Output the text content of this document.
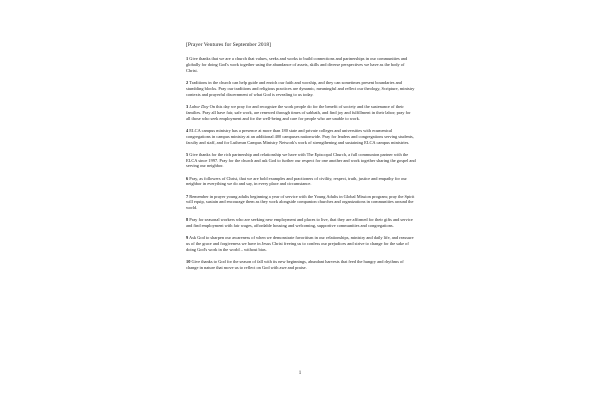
[Prayer Ventures for September 2018]

1 Give thanks that we are a church that values, seeks and works to build connections and partnerships in our communities and globally for doing God's work together using the abundance of assets, skills and diverse perspectives we have as the body of Christ.
2 Traditions in the church can help guide and enrich our faith and worship, and they can sometimes present boundaries and stumbling blocks. Pray our traditions and religious practices are dynamic, meaningful and reflect our theology, Scripture, ministry contexts and prayerful discernment of what God is revealing to us today.
3 Labor Day On this day we pray for and recognize the work people do for the benefit of society and the sustenance of their families. Pray all have fair, safe work, are renewed through times of sabbath, and find joy and fulfillment in their labor; pray for all those who seek employment and for the well-being and care for people who are unable to work.
4 ELCA campus ministry has a presence at more than 180 state and private colleges and universities with ecumenical congregations in campus ministry at an additional 400 campuses nationwide. Pray for leaders and congregations serving students, faculty and staff, and for Lutheran Campus Ministry Network's work of strengthening and sustaining ELCA campus ministries.
5 Give thanks for the rich partnership and relationship we have with The Episcopal Church, a full communion partner with the ELCA since 1997. Pray for the church and ask God to further our respect for one another and work together sharing the gospel and serving our neighbor.
6 Pray, as followers of Christ, that we are bold examples and practioners of civility, respect, truth, justice and empathy for our neighbor in everything we do and say, in every place and circumstance.
7 Remember in prayer young adults beginning a year of service with the Young Adults in Global Mission program; pray the Spirit will equip, sustain and encourage them as they work alongside companion churches and organizations in communities around the world.
8 Pray for seasonal workers who are seeking new employment and places to live, that they are affirmed for their gifts and service and find employment with fair wages, affordable housing and welcoming, supportive communities and congregations.
9 Ask God to sharpen our awareness of when we demonstrate favoritism in our relationships, ministry and daily life, and reassure us of the grace and forgiveness we have in Jesus Christ freeing us to confess our prejudices and strive to change for the sake of doing God's work in the world – without bias.
10 Give thanks to God for the season of fall with its new beginnings, abundant harvests that feed the hungry and rhythms of change in nature that move us to reflect on God with awe and praise.
1
